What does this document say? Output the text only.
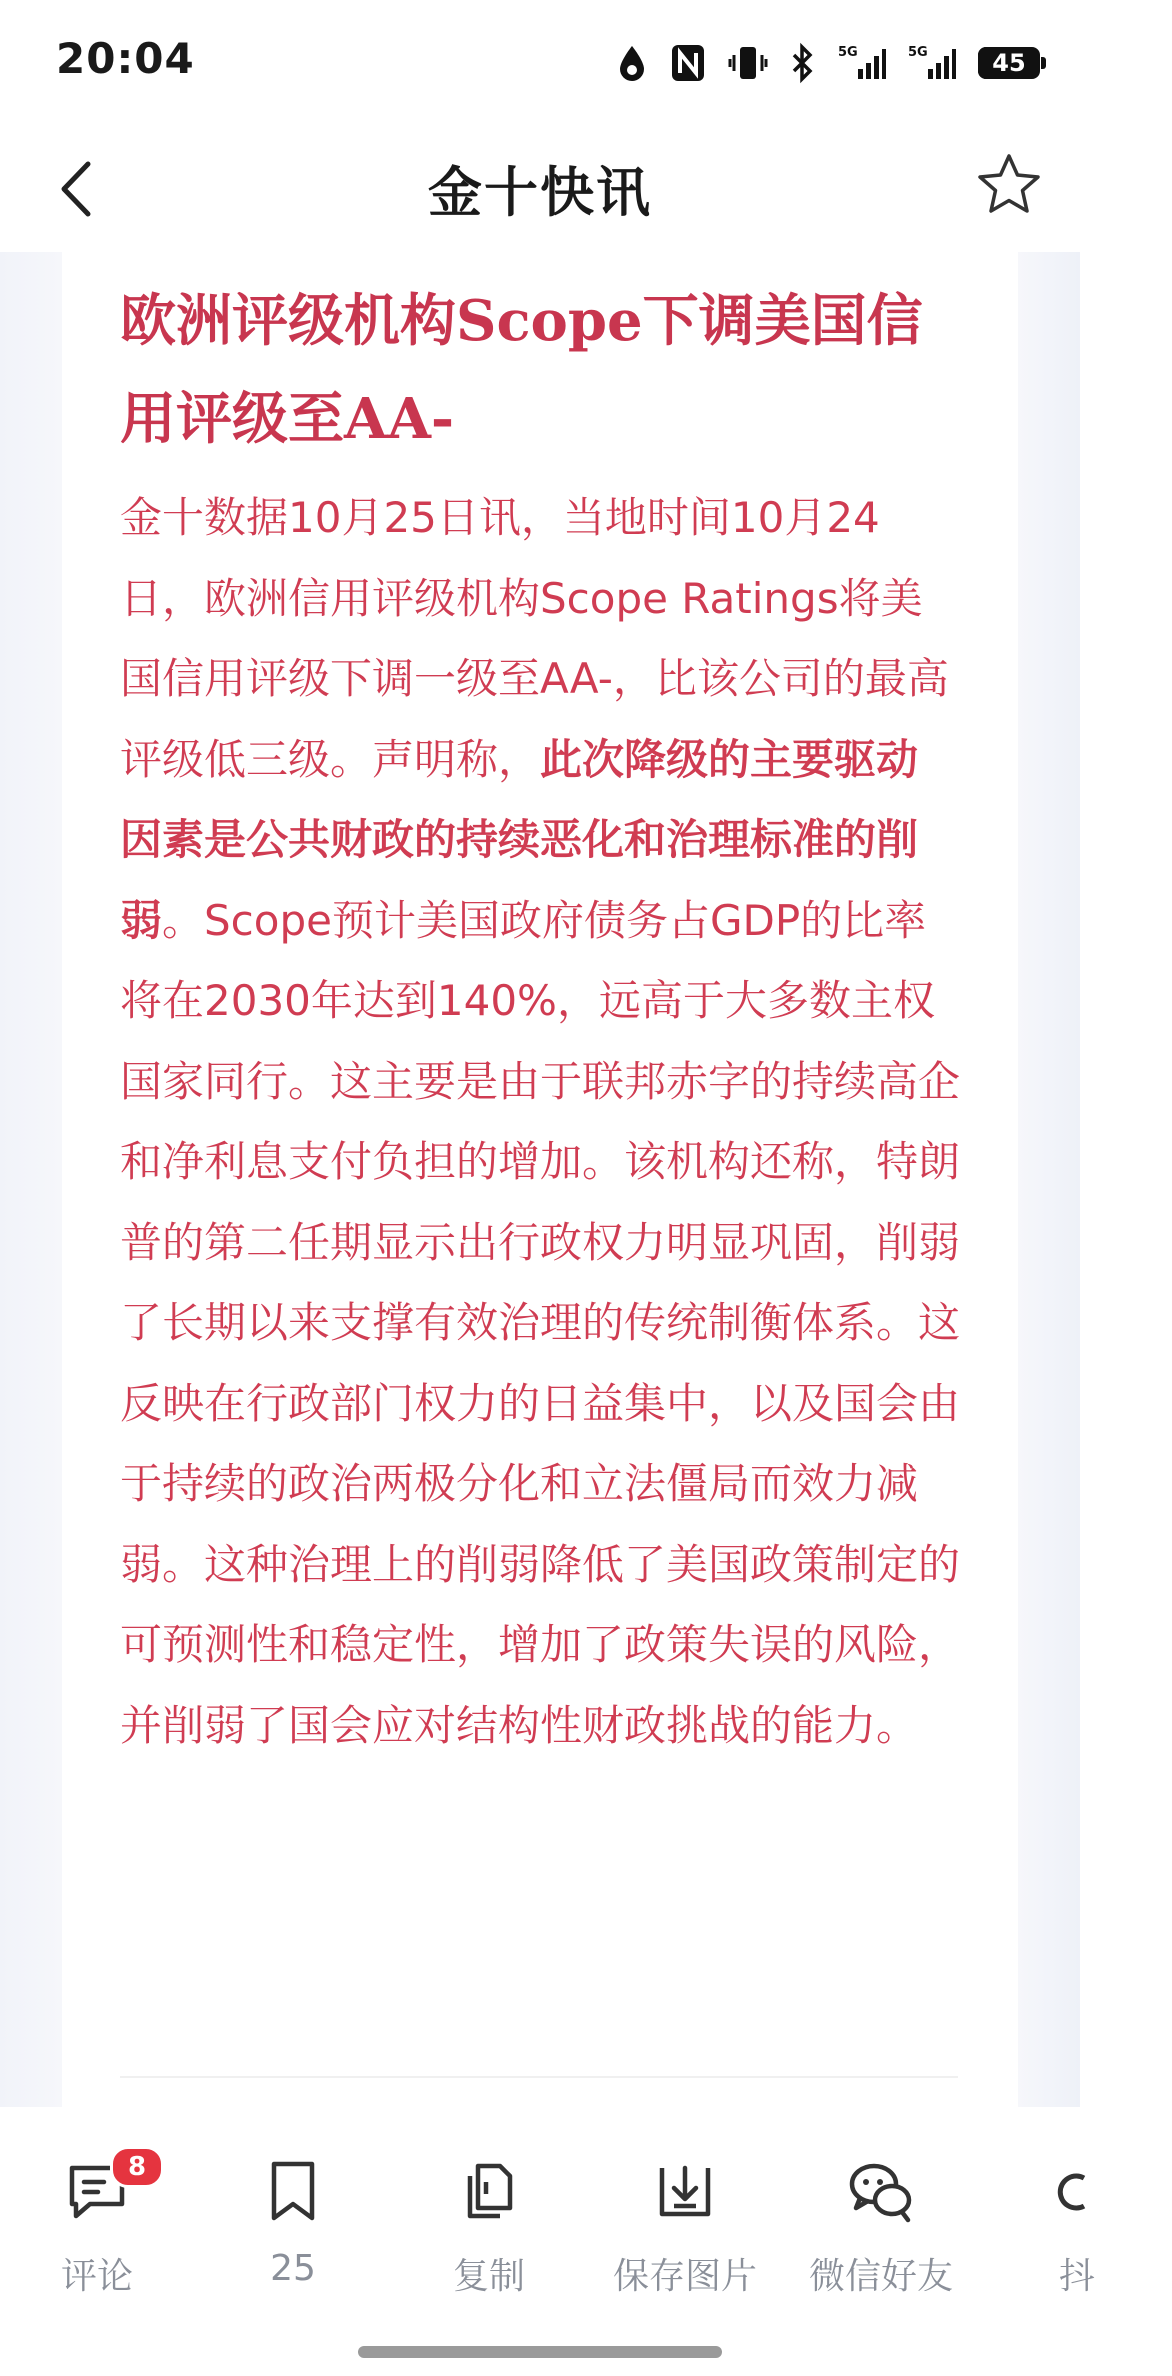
20:04	5G	5G	45
金十快讯
欧洲评级机构Scope下调美国信用评级至AA-

金十数据10月25日讯，当地时间10月24日，欧洲信用评级机构Scope Ratings将美国信用评级下调一级至AA-，比该公司的最高评级低三级。声明称，此次降级的主要驱动因素是公共财政的持续恶化和治理标准的削弱。Scope预计美国政府债务占GDP的比率将在2030年达到140%，远高于大多数主权国家同行。这主要是由于联邦赤字的持续高企和净利息支付负担的增加。该机构还称，特朗普的第二任期显示出行政权力明显巩固，削弱了长期以来支撑有效治理的传统制衡体系。这反映在行政部门权力的日益集中，以及国会由于持续的政治两极分化和立法僵局而效力减弱。这种治理上的削弱降低了美国政策制定的可预测性和稳定性，增加了政策失误的风险，并削弱了国会应对结构性财政挑战的能力。

8
评论	25	复制	保存图片	微信好友	抖
